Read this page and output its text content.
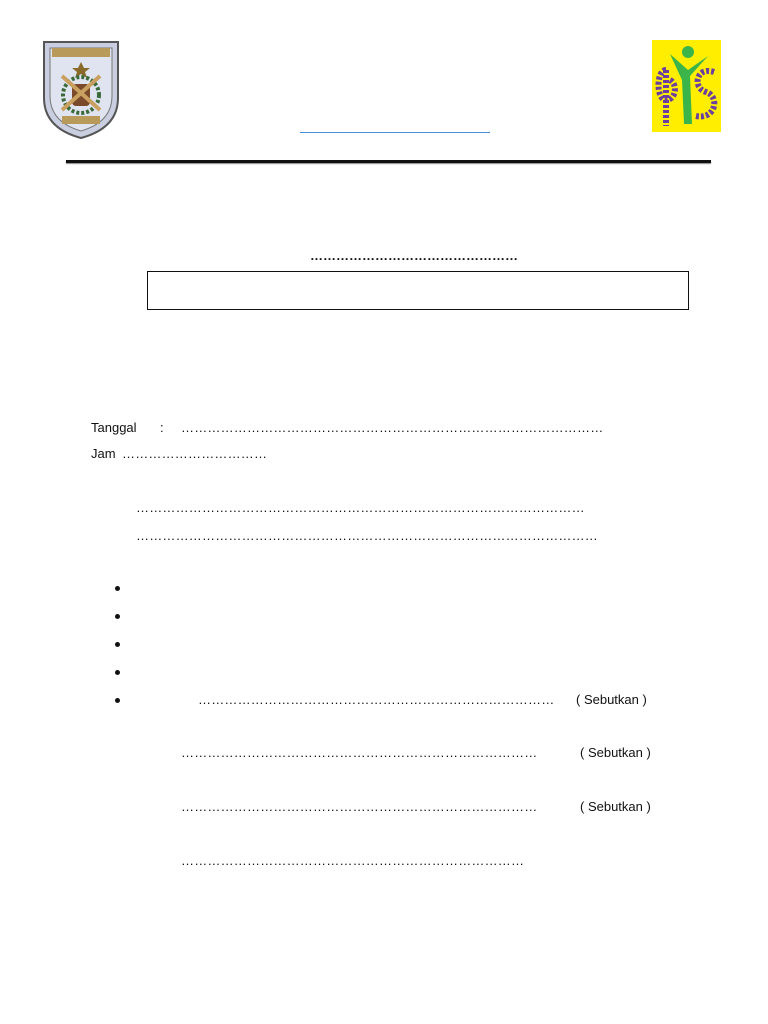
…………………………………………
Tanggal : ……………………………………………………………………………………
Jam ……………………………
…………………………………………………………………………………………
……………………………………………………………………………………………
……………………………………………………………………… ( Sebutkan )
………………………………………………………………………	( Sebutkan )
………………………………………………………………………	( Sebutkan )
……………………………………………………………………
